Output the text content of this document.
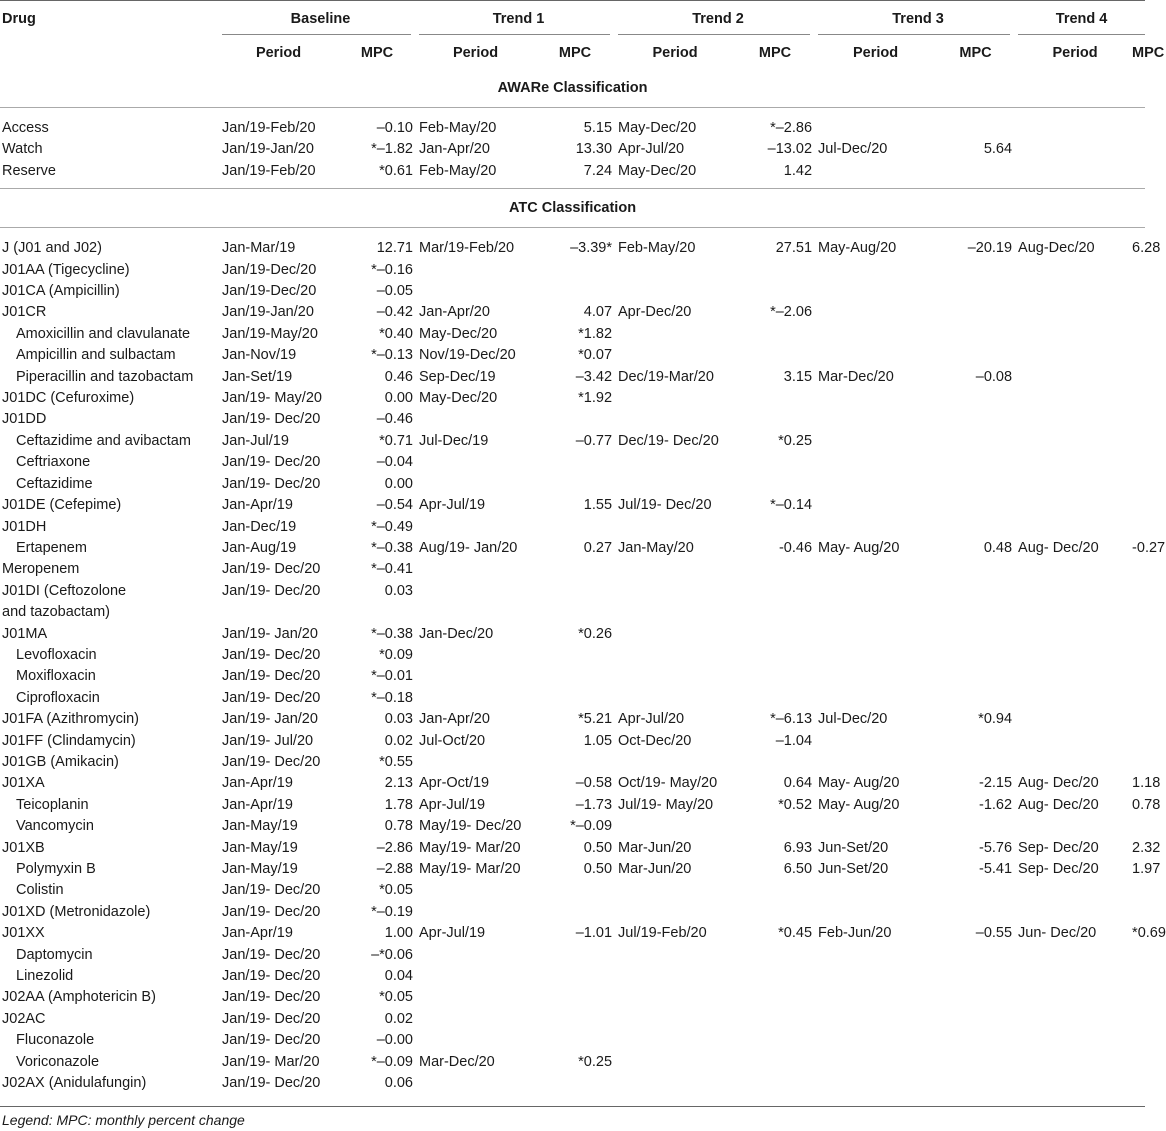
Drug	Baseline		Trend 1		Trend 2		Trend 3		Trend 4	
	Period	MPC	Period	MPC	Period	MPC	Period	MPC	Period	MPC
AWARe Classification										

Access	Jan/19-Feb/20	–0.10	Feb-May/20	5.15	May-Dec/20	*–2.86				
Watch	Jan/19-Jan/20	*–1.82	Jan-Apr/20	13.30	Apr-Jul/20	–13.02	Jul-Dec/20	5.64		
Reserve	Jan/19-Feb/20	*0.61	Feb-May/20	7.24	May-Dec/20	1.42				

ATC Classification										

J (J01 and J02)	Jan-Mar/19	12.71	Mar/19-Feb/20	–3.39*	Feb-May/20	27.51	May-Aug/20	–20.19	Aug-Dec/20	6.28
J01AA (Tigecycline)	Jan/19-Dec/20	*–0.16								
J01CA (Ampicillin)	Jan/19-Dec/20	–0.05								
J01CR	Jan/19-Jan/20	–0.42	Jan-Apr/20	4.07	Apr-Dec/20	*–2.06				
Amoxicillin and clavulanate	Jan/19-May/20	*0.40	May-Dec/20	*1.82						
Ampicillin and sulbactam	Jan-Nov/19	*–0.13	Nov/19-Dec/20	*0.07						
Piperacillin and tazobactam	Jan-Set/19	0.46	Sep-Dec/19	–3.42	Dec/19-Mar/20	3.15	Mar-Dec/20	–0.08		
J01DC (Cefuroxime)	Jan/19- May/20	0.00	May-Dec/20	*1.92						
J01DD	Jan/19- Dec/20	–0.46								
Ceftazidime and avibactam	Jan-Jul/19	*0.71	Jul-Dec/19	–0.77	Dec/19- Dec/20	*0.25				
Ceftriaxone	Jan/19- Dec/20	–0.04								
Ceftazidime	Jan/19- Dec/20	0.00								
J01DE (Cefepime)	Jan-Apr/19	–0.54	Apr-Jul/19	1.55	Jul/19- Dec/20	*–0.14				
J01DH	Jan-Dec/19	*–0.49								
Ertapenem	Jan-Aug/19	*–0.38	Aug/19- Jan/20	0.27	Jan-May/20	-0.46	May- Aug/20	0.48	Aug- Dec/20	-0.27
Meropenem	Jan/19- Dec/20	*–0.41								
J01DI (Ceftozolone	Jan/19- Dec/20	0.03								
and tazobactam)										
J01MA	Jan/19- Jan/20	*–0.38	Jan-Dec/20	*0.26						
Levofloxacin	Jan/19- Dec/20	*0.09								
Moxifloxacin	Jan/19- Dec/20	*–0.01								
Ciprofloxacin	Jan/19- Dec/20	*–0.18								
J01FA (Azithromycin)	Jan/19- Jan/20	0.03	Jan-Apr/20	*5.21	Apr-Jul/20	*–6.13	Jul-Dec/20	*0.94		
J01FF (Clindamycin)	Jan/19- Jul/20	0.02	Jul-Oct/20	1.05	Oct-Dec/20	–1.04				
J01GB (Amikacin)	Jan/19- Dec/20	*0.55								
J01XA	Jan-Apr/19	2.13	Apr-Oct/19	–0.58	Oct/19- May/20	0.64	May- Aug/20	-2.15	Aug- Dec/20	1.18
Teicoplanin	Jan-Apr/19	1.78	Apr-Jul/19	–1.73	Jul/19- May/20	*0.52	May- Aug/20	-1.62	Aug- Dec/20	0.78
Vancomycin	Jan-May/19	0.78	May/19- Dec/20	*–0.09						
J01XB	Jan-May/19	–2.86	May/19- Mar/20	0.50	Mar-Jun/20	6.93	Jun-Set/20	-5.76	Sep- Dec/20	2.32
Polymyxin B	Jan-May/19	–2.88	May/19- Mar/20	0.50	Mar-Jun/20	6.50	Jun-Set/20	-5.41	Sep- Dec/20	1.97
Colistin	Jan/19- Dec/20	*0.05								
J01XD (Metronidazole)	Jan/19- Dec/20	*–0.19								
J01XX	Jan-Apr/19	1.00	Apr-Jul/19	–1.01	Jul/19-Feb/20	*0.45	Feb-Jun/20	–0.55	Jun- Dec/20	*0.69
Daptomycin	Jan/19- Dec/20	–*0.06								
Linezolid	Jan/19- Dec/20	0.04								
J02AA (Amphotericin B)	Jan/19- Dec/20	*0.05								
J02AC	Jan/19- Dec/20	0.02								
Fluconazole	Jan/19- Dec/20	–0.00								
Voriconazole	Jan/19- Mar/20	*–0.09	Mar-Dec/20	*0.25						
J02AX (Anidulafungin)	Jan/19- Dec/20	0.06								
Legend: MPC: monthly percent change
